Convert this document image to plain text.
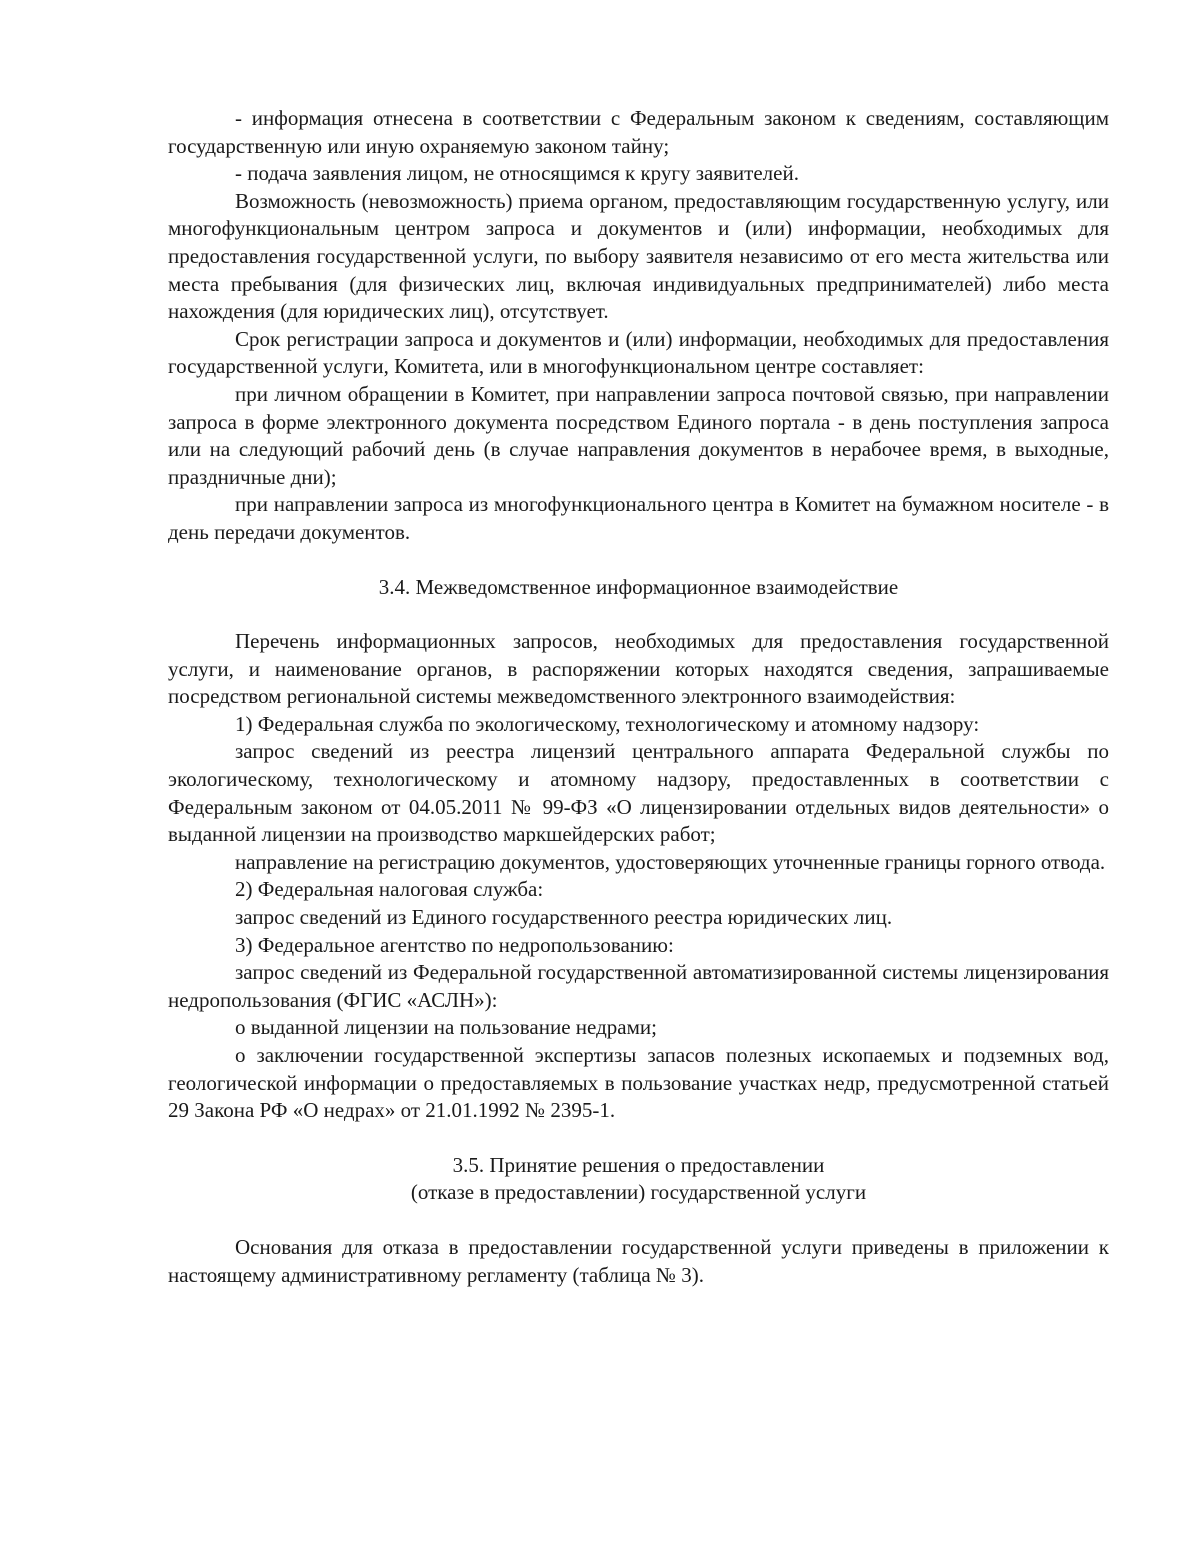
- информация отнесена в соответствии с Федеральным законом к сведениям, составляющим государственную или иную охраняемую законом тайну;

- подача заявления лицом, не относящимся к кругу заявителей.

Возможность (невозможность) приема органом, предоставляющим государственную услугу, или многофункциональным центром запроса и документов и (или) информации, необходимых для предоставления государственной услуги, по выбору заявителя независимо от его места жительства или места пребывания (для физических лиц, включая индивидуальных предпринимателей) либо места нахождения (для юридических лиц), отсутствует.

Срок регистрации запроса и документов и (или) информации, необходимых для предоставления государственной услуги, Комитета, или в многофункциональном центре составляет:

при личном обращении в Комитет, при направлении запроса почтовой связью, при направлении запроса в форме электронного документа посредством Единого портала - в день поступления запроса или на следующий рабочий день (в случае направления документов в нерабочее время, в выходные, праздничные дни);

при направлении запроса из многофункционального центра в Комитет на бумажном носителе - в день передачи документов.

3.4. Межведомственное информационное взаимодействие

Перечень информационных запросов, необходимых для предоставления государственной услуги, и наименование органов, в распоряжении которых находятся сведения, запрашиваемые посредством региональной системы межведомственного электронного взаимодействия:

1) Федеральная служба по экологическому, технологическому и атомному надзору:

запрос сведений из реестра лицензий центрального аппарата Федеральной службы по экологическому, технологическому и атомному надзору, предоставленных в соответствии с Федеральным законом от 04.05.2011 № 99-ФЗ «О лицензировании отдельных видов деятельности» о выданной лицензии на производство маркшейдерских работ;

направление на регистрацию документов, удостоверяющих уточненные границы горного отвода.

2) Федеральная налоговая служба:

запрос сведений из Единого государственного реестра юридических лиц.

3) Федеральное агентство по недропользованию:

запрос сведений из Федеральной государственной автоматизированной системы лицензирования недропользования (ФГИС «АСЛН»):

о выданной лицензии на пользование недрами;

о заключении государственной экспертизы запасов полезных ископаемых и подземных вод, геологической информации о предоставляемых в пользование участках недр, предусмотренной статьей 29 Закона РФ «О недрах» от 21.01.1992 № 2395-1.

3.5. Принятие решения о предоставлении

(отказе в предоставлении) государственной услуги

Основания для отказа в предоставлении государственной услуги приведены в приложении к настоящему административному регламенту (таблица № 3).
